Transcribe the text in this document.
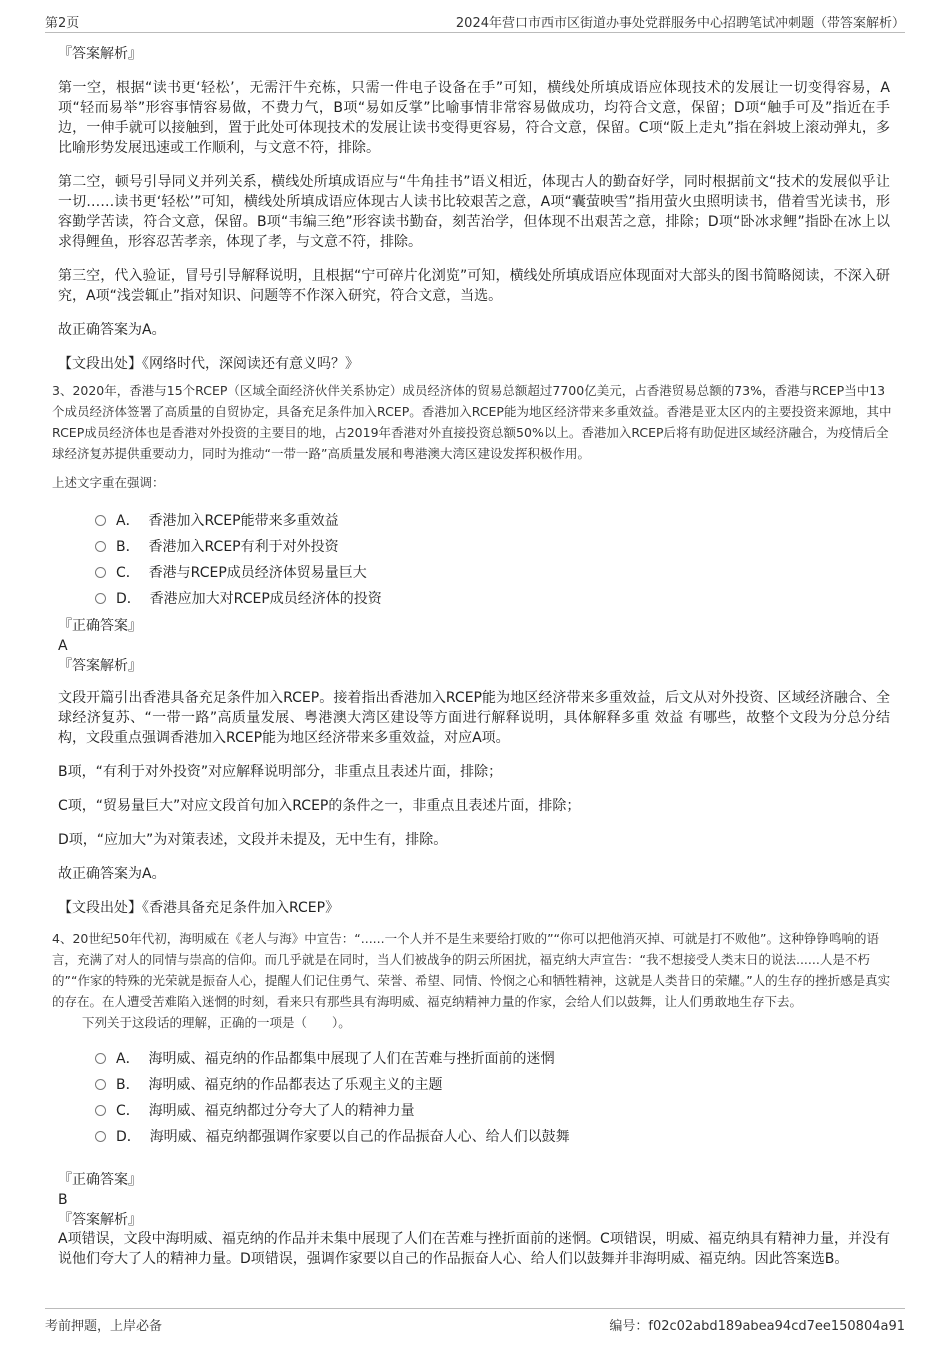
第2页	2024年营口市西市区街道办事处党群服务中心招聘笔试冲刺题（带答案解析）
『答案解析』

第一空，根据“读书更‘轻松’，无需汗牛充栋，只需一件电子设备在手”可知，横线处所填成语应体现技术的发展让一切变得容易，A项“轻而易举”形容事情容易做，不费力气，B项“易如反掌”比喻事情非常容易做成功，均符合文意，保留；D项“触手可及”指近在手边，一伸手就可以接触到，置于此处可体现技术的发展让读书变得更容易，符合文意，保留。C项“阪上走丸”指在斜坡上滚动弹丸，多比喻形势发展迅速或工作顺利，与文意不符，排除。

第二空，顿号引导同义并列关系，横线处所填成语应与“牛角挂书”语义相近，体现古人的勤奋好学，同时根据前文“技术的发展似乎让一切……读书更‘轻松’”可知，横线处所填成语应体现古人读书比较艰苦之意，A项“囊萤映雪”指用萤火虫照明读书，借着雪光读书，形容勤学苦读，符合文意，保留。B项“韦编三绝”形容读书勤奋，刻苦治学，但体现不出艰苦之意，排除；D项“卧冰求鲤”指卧在冰上以求得鲤鱼，形容忍苦孝亲，体现了孝，与文意不符，排除。

第三空，代入验证，冒号引导解释说明，且根据“宁可碎片化浏览”可知，横线处所填成语应体现面对大部头的图书简略阅读，不深入研究，A项“浅尝辄止”指对知识、问题等不作深入研究，符合文意，当选。

故正确答案为A。

【文段出处】《网络时代，深阅读还有意义吗？》

3、2020年，香港与15个RCEP（区域全面经济伙伴关系协定）成员经济体的贸易总额超过7700亿美元，占香港贸易总额的73%，香港与RCEP当中13个成员经济体签署了高质量的自贸协定，具备充足条件加入RCEP。香港加入RCEP能为地区经济带来多重效益。香港是亚太区内的主要投资来源地，其中RCEP成员经济体也是香港对外投资的主要目的地，占2019年香港对外直接投资总额50%以上。香港加入RCEP后将有助促进区域经济融合，为疫情后全球经济复苏提供重要动力，同时为推动“一带一路”高质量发展和粤港澳大湾区建设发挥积极作用。

上述文字重在强调：

A． 香港加入RCEP能带来多重效益
B． 香港加入RCEP有利于对外投资
C． 香港与RCEP成员经济体贸易量巨大
D． 香港应加大对RCEP成员经济体的投资
『正确答案』
A
『答案解析』

文段开篇引出香港具备充足条件加入RCEP。接着指出香港加入RCEP能为地区经济带来多重效益，后文从对外投资、区域经济融合、全球经济复苏、“一带一路”高质量发展、粤港澳大湾区建设等方面进行解释说明，具体解释多重 效益 有哪些，故整个文段为分总分结构，文段重点强调香港加入RCEP能为地区经济带来多重效益，对应A项。

B项，“有利于对外投资”对应解释说明部分，非重点且表述片面，排除；

C项，“贸易量巨大”对应文段首句加入RCEP的条件之一，非重点且表述片面，排除；

D项，“应加大”为对策表述，文段并未提及，无中生有，排除。

故正确答案为A。

【文段出处】《香港具备充足条件加入RCEP》

4、20世纪50年代初，海明威在《老人与海》中宣告：“......一个人并不是生来要给打败的”“你可以把他消灭掉、可就是打不败他”。这种铮铮鸣响的语言，充满了对人的同情与崇高的信仰。而几乎就是在同时，当人们被战争的阴云所困扰，福克纳大声宣告：“我不想接受人类末日的说法......人是不朽的”“作家的特殊的光荣就是振奋人心，提醒人们记住勇气、荣誉、希望、同情、怜悯之心和牺牲精神，这就是人类昔日的荣耀。”人的生存的挫折感是真实的存在。在人遭受苦难陷入迷惘的时刻，看来只有那些具有海明威、福克纳精神力量的作家，会给人们以鼓舞，让人们勇敢地生存下去。

下列关于这段话的理解，正确的一项是（　　）。

A． 海明威、福克纳的作品都集中展现了人们在苦难与挫折面前的迷惘
B． 海明威、福克纳的作品都表达了乐观主义的主题
C． 海明威、福克纳都过分夸大了人的精神力量
D． 海明威、福克纳都强调作家要以自己的作品振奋人心、给人们以鼓舞
『正确答案』
B
『答案解析』

A项错误，文段中海明威、福克纳的作品并未集中展现了人们在苦难与挫折面前的迷惘。C项错误，明威、福克纳具有精神力量，并没有说他们夸大了人的精神力量。D项错误，强调作家要以自己的作品振奋人心、给人们以鼓舞并非海明威、福克纳。因此答案选B。

考前押题，上岸必备	编号：f02c02abd189abea94cd7ee150804a91
